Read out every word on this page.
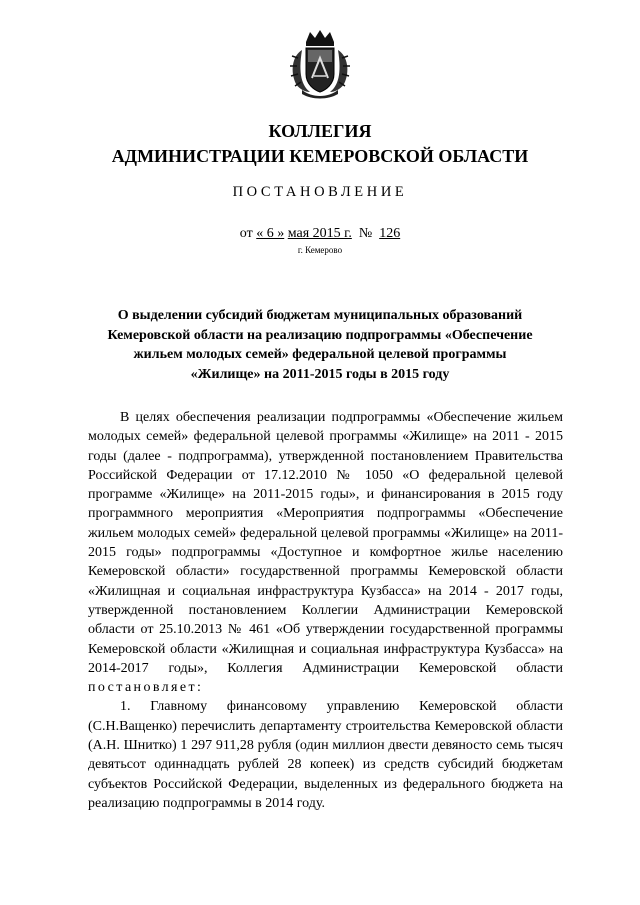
КОЛЛЕГИЯ
АДМИНИСТРАЦИИ КЕМЕРОВСКОЙ ОБЛАСТИ
ПОСТАНОВЛЕНИЕ
от « 6 » мая 2015 г. № 126
г. Кемерово
О выделении субсидий бюджетам муниципальных образований
Кемеровской области на реализацию подпрограммы «Обеспечение
жильем молодых семей» федеральной целевой программы
«Жилище» на 2011-2015 годы в 2015 году

В целях обеспечения реализации подпрограммы «Обеспечение жильем молодых семей» федеральной целевой программы «Жилище» на 2011 - 2015 годы (далее - подпрограмма), утвержденной постановлением Правительства Российской Федерации от 17.12.2010 № 1050 «О федеральной целевой программе «Жилище» на 2011-2015 годы», и финансирования в 2015 году программного мероприятия «Мероприятия подпрограммы «Обеспечение жильем молодых семей» федеральной целевой программы «Жилище» на 2011- 2015 годы» подпрограммы «Доступное и комфортное жилье населению Кемеровской области» государственной программы Кемеровской области «Жилищная и социальная инфраструктура Кузбасса» на 2014 - 2017 годы, утвержденной постановлением Коллегии Администрации Кемеровской области от 25.10.2013 № 461 «Об утверждении государственной программы Кемеровской области «Жилищная и социальная инфраструктура Кузбасса» на 2014-2017 годы», Коллегия Администрации Кемеровской области постановляет:

1. Главному финансовому управлению Кемеровской области (С.Н.Ващенко) перечислить департаменту строительства Кемеровской области (А.Н. Шнитко) 1 297 911,28 рубля (один миллион двести девяносто семь тысяч девятьсот одиннадцать рублей 28 копеек) из средств субсидий бюджетам субъектов Российской Федерации, выделенных из федерального бюджета на реализацию подпрограммы в 2014 году.
